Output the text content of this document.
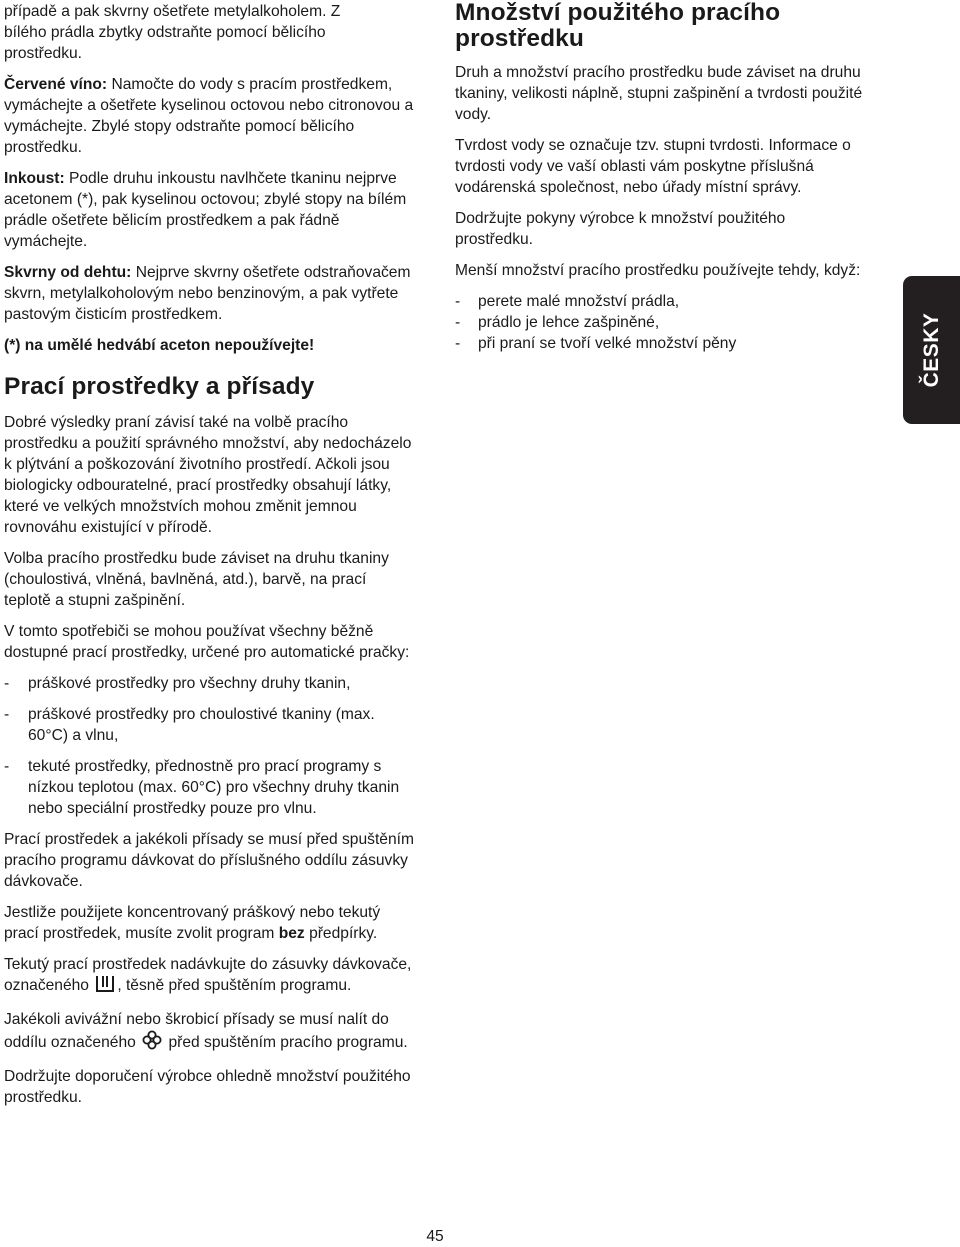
případě a pak skvrny ošetřete metylalkoholem. Z
bílého prádla zbytky odstraňte pomocí bělicího
prostředku.

Červené víno: Namočte do vody s pracím prostředkem, vymáchejte a ošetřete kyselinou octovou nebo citronovou a vymáchejte. Zbylé stopy odstraňte pomocí bělicího prostředku.

Inkoust: Podle druhu inkoustu navlhčete tkaninu nejprve acetonem (*), pak kyselinou octovou; zbylé stopy na bílém prádle ošetřete bělicím prostředkem a pak řádně vymáchejte.

Skvrny od dehtu: Nejprve skvrny ošetřete odstraňovačem skvrn, metylalkoholovým nebo benzinovým, a pak vytřete pastovým čisticím prostředkem.

(*) na umělé hedvábí aceton nepoužívejte!

Prací prostředky a přísady

Dobré výsledky praní závisí také na volbě pracího prostředku a použití správného množství, aby nedocházelo k plýtvání a poškozování životního prostředí. Ačkoli jsou biologicky odbouratelné, prací prostředky obsahují látky, které ve velkých množstvích mohou změnit jemnou rovnováhu existující v přírodě.

Volba pracího prostředku bude záviset na druhu tkaniny (choulostivá, vlněná, bavlněná, atd.), barvě, na prací teplotě a stupni zašpinění.

V tomto spotřebiči se mohou používat všechny běžně dostupné prací prostředky, určené pro automatické pračky:

- práškové prostředky pro všechny druhy tkanin,
- práškové prostředky pro choulostivé tkaniny (max. 60°C) a vlnu,
- tekuté prostředky, přednostně pro prací programy s nízkou teplotou (max. 60°C) pro všechny druhy tkanin nebo speciální prostředky pouze pro vlnu.

Prací prostředek a jakékoli přísady se musí před spuštěním pracího programu dávkovat do příslušného oddílu zásuvky dávkovače.

Jestliže použijete koncentrovaný práškový nebo tekutý prací prostředek, musíte zvolit program bez předpírky.

Tekutý prací prostředek nadávkujte do zásuvky dávkovače, označeného , těsně před spuštěním programu.

Jakékoli avivážní nebo škrobicí přísady se musí nalít do oddílu označeného  před spuštěním pracího programu.

Dodržujte doporučení výrobce ohledně množství použitého prostředku.

Množství použitého pracího prostředku

Druh a množství pracího prostředku bude záviset na druhu tkaniny, velikosti náplně, stupni zašpinění a tvrdosti použité vody.

Tvrdost vody se označuje tzv. stupni tvrdosti. Informace o tvrdosti vody ve vaší oblasti vám poskytne příslušná vodárenská společnost, nebo úřady místní správy.

Dodržujte pokyny výrobce k množství použitého prostředku.

Menší množství pracího prostředku používejte tehdy, když:

- perete malé množství prádla,
- prádlo je lehce zašpiněné,
- při praní se tvoří velké množství pěny	ČESKY
45
